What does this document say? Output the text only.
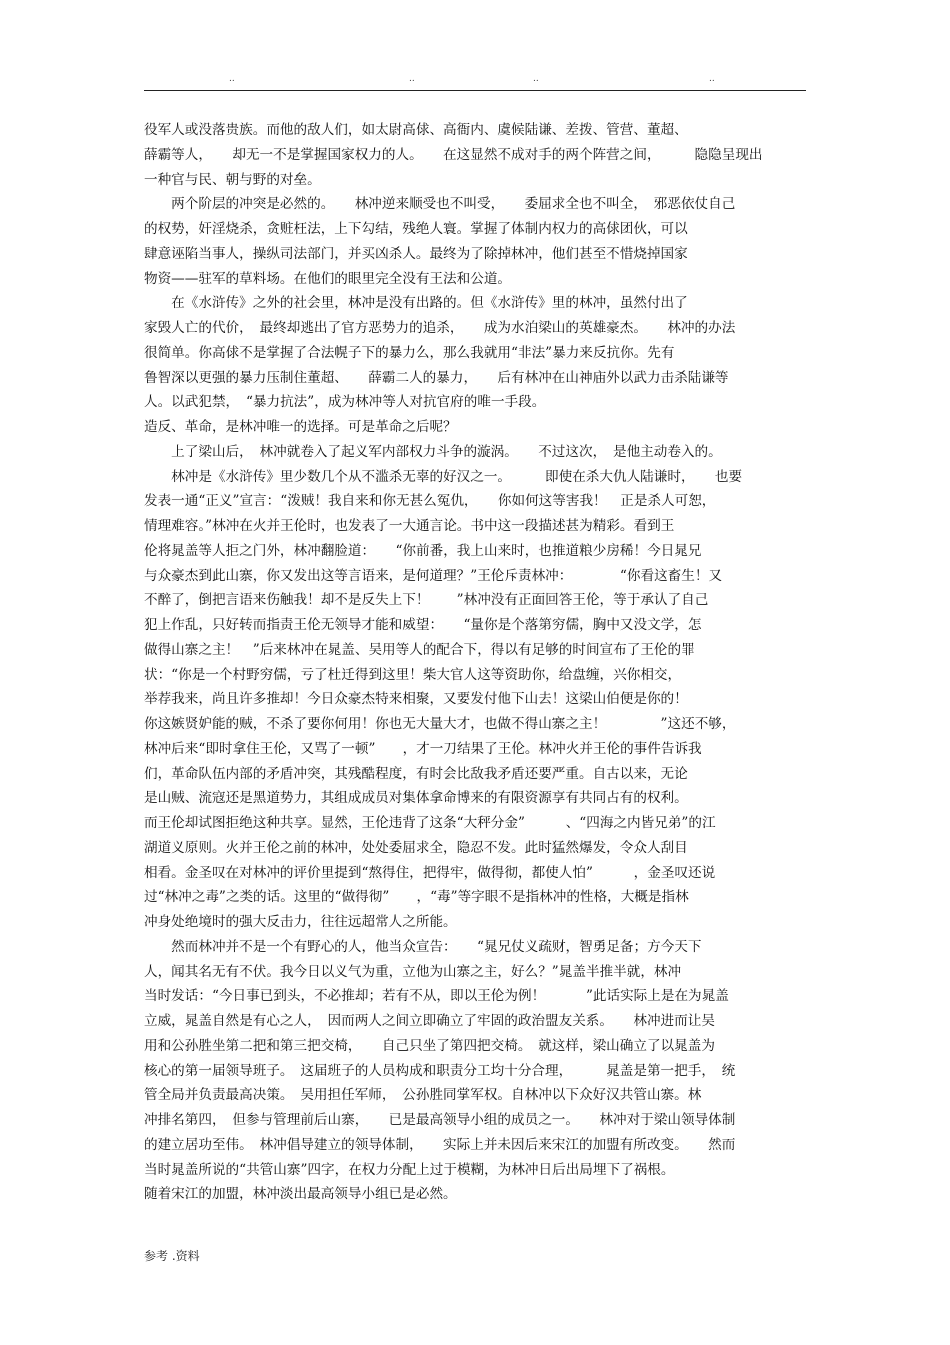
..	..	..	..
役军人或没落贵族。而他的敌人们，如太尉高俅、高衙内、虞候陆谦、差拨、管营、董超、
薛霸等人，　　却无一不是掌握国家权力的人。　　在这显然不成对手的两个阵营之间，　　　隐隐呈现出
一种官与民、朝与野的对垒。
　　两个阶层的冲突是必然的。　　林冲逆来顺受也不叫受，　　委屈求全也不叫全，　邪恶依仗自己
的权势，奸淫烧杀，贪赃枉法，上下勾结，残绝人寰。掌握了体制内权力的高俅团伙，可以
肆意诬陷当事人，操纵司法部门，并买凶杀人。最终为了除掉林冲，他们甚至不惜烧掉国家
物资——驻军的草料场。在他们的眼里完全没有王法和公道。
　　在《水浒传》之外的社会里，林冲是没有出路的。但《水浒传》里的林冲，虽然付出了
家毁人亡的代价，　最终却逃出了官方恶势力的追杀，　　成为水泊梁山的英雄豪杰。　　林冲的办法
很简单。你高俅不是掌握了合法幌子下的暴力么，那么我就用“非法”暴力来反抗你。先有
鲁智深以更强的暴力压制住董超、　　薛霸二人的暴力，　　后有林冲在山神庙外以武力击杀陆谦等
人。以武犯禁，　“暴力抗法”，成为林冲等人对抗官府的唯一手段。
造反、革命，是林冲唯一的选择。可是革命之后呢？
　　上了梁山后，　林冲就卷入了起义军内部权力斗争的漩涡。　　不过这次，　是他主动卷入的。
　　林冲是《水浒传》里少数几个从不滥杀无辜的好汉之一。　　　即使在杀大仇人陆谦时，　　也要
发表一通“正义”宣言：“泼贼！我自来和你无甚么冤仇，　　你如何这等害我！　正是杀人可恕，
情理难容。”林冲在火并王伦时，也发表了一大通言论。书中这一段描述甚为精彩。看到王
伦将晁盖等人拒之门外，林冲翻脸道：　　“你前番，我上山来时，也推道粮少房稀！今日晁兄
与众豪杰到此山寨，你又发出这等言语来，是何道理？”王伦斥责林冲：　　　　“你看这畜生！又
不醉了，倒把言语来伤触我！却不是反失上下！　　”林冲没有正面回答王伦，等于承认了自己
犯上作乱，只好转而指责王伦无领导才能和威望：　　“量你是个落第穷儒，胸中又没文学，怎
做得山寨之主！　”后来林冲在晁盖、吴用等人的配合下，得以有足够的时间宣布了王伦的罪
状：“你是一个村野穷儒，亏了杜迁得到这里！柴大官人这等资助你，给盘缠，兴你相交，
举荐我来，尚且许多推却！今日众豪杰特来相聚，又要发付他下山去！这梁山伯便是你的！
你这嫉贤妒能的贼，不杀了要你何用！你也无大量大才，也做不得山寨之主！　　　　”这还不够，
林冲后来“即时拿住王伦，又骂了一顿”　　，才一刀结果了王伦。林冲火并王伦的事件告诉我
们，革命队伍内部的矛盾冲突，其残酷程度，有时会比敌我矛盾还要严重。自古以来，无论
是山贼、流寇还是黑道势力，其组成成员对集体拿命博来的有限资源享有共同占有的权利。
而王伦却试图拒绝这种共享。显然，王伦违背了这条“大秤分金”　　　、“四海之内皆兄弟”的江
湖道义原则。火并王伦之前的林冲，处处委屈求全，隐忍不发。此时猛然爆发，令众人刮目
相看。金圣叹在对林冲的评价里提到“熬得住，把得牢，做得彻，都使人怕”　　　，金圣叹还说
过“林冲之毒”之类的话。这里的“做得彻”　　，“毒”等字眼不是指林冲的性格，大概是指林
冲身处绝境时的强大反击力，往往远超常人之所能。
　　然而林冲并不是一个有野心的人，他当众宣告：　　“晁兄仗义疏财，智勇足备；方今天下
人，闻其名无有不伏。我今日以义气为重，立他为山寨之主，好么？”晁盖半推半就，林冲
当时发话：“今日事已到头，不必推却；若有不从，即以王伦为例！　　　”此话实际上是在为晁盖
立威，晁盖自然是有心之人，　因而两人之间立即确立了牢固的政治盟友关系。　　林冲进而让吴
用和公孙胜坐第二把和第三把交椅，　　自己只坐了第四把交椅。　就这样，梁山确立了以晁盖为
核心的第一届领导班子。　这届班子的人员构成和职责分工均十分合理，　　　晁盖是第一把手，　统
管全局并负责最高决策。　吴用担任军师，　公孙胜同掌军权。自林冲以下众好汉共管山寨。林
冲排名第四，　但参与管理前后山寨，　　已是最高领导小组的成员之一。　　林冲对于梁山领导体制
的建立居功至伟。　林冲倡导建立的领导体制，　　实际上并未因后来宋江的加盟有所改变。　　然而
当时晁盖所说的“共管山寨”四字，在权力分配上过于模糊，为林冲日后出局埋下了祸根。
随着宋江的加盟，林冲淡出最高领导小组已是必然。
参考 .资料
